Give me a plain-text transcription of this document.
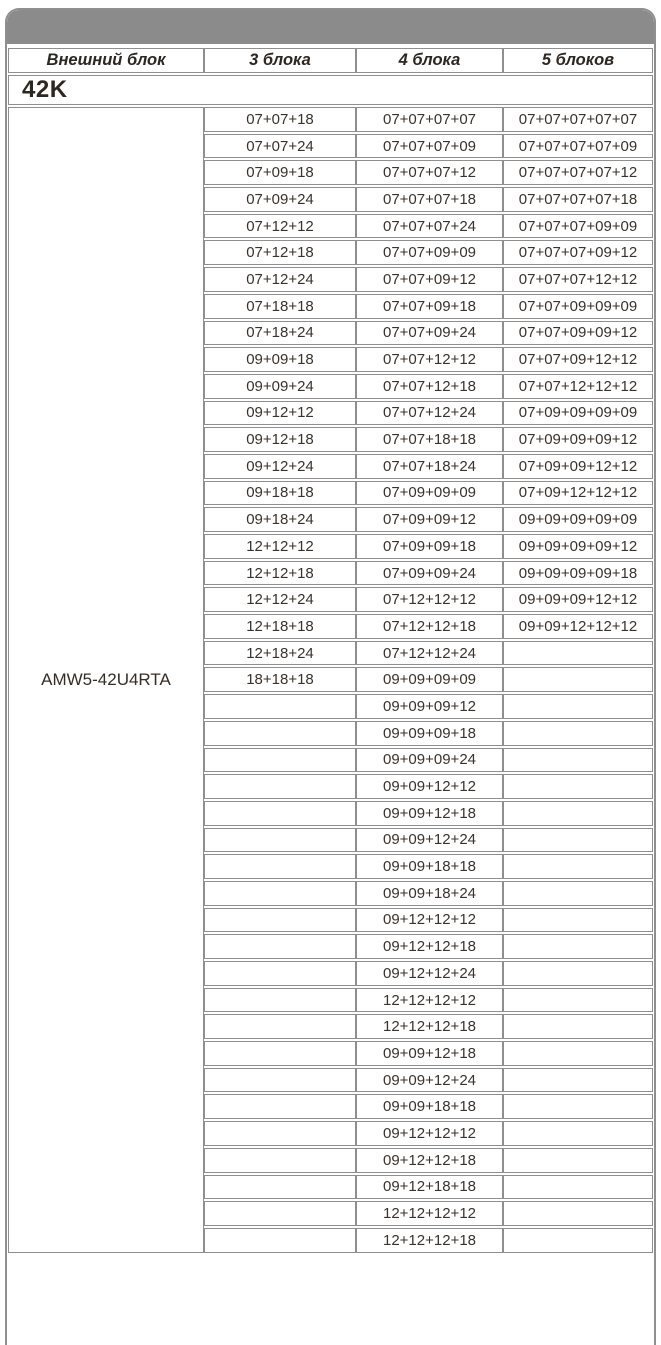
Внешний блок	3 блока	4 блока	5 блоков
42K			
AMW5-42U4RTA	07+07+18	07+07+07+07	07+07+07+07+07
	07+07+24	07+07+07+09	07+07+07+07+09
	07+09+18	07+07+07+12	07+07+07+07+12
	07+09+24	07+07+07+18	07+07+07+07+18
	07+12+12	07+07+07+24	07+07+07+09+09
	07+12+18	07+07+09+09	07+07+07+09+12
	07+12+24	07+07+09+12	07+07+07+12+12
	07+18+18	07+07+09+18	07+07+09+09+09
	07+18+24	07+07+09+24	07+07+09+09+12
	09+09+18	07+07+12+12	07+07+09+12+12
	09+09+24	07+07+12+18	07+07+12+12+12
	09+12+12	07+07+12+24	07+09+09+09+09
	09+12+18	07+07+18+18	07+09+09+09+12
	09+12+24	07+07+18+24	07+09+09+12+12
	09+18+18	07+09+09+09	07+09+12+12+12
	09+18+24	07+09+09+12	09+09+09+09+09
	12+12+12	07+09+09+18	09+09+09+09+12
	12+12+18	07+09+09+24	09+09+09+09+18
	12+12+24	07+12+12+12	09+09+09+12+12
	12+18+18	07+12+12+18	09+09+12+12+12
	12+18+24	07+12+12+24	
	18+18+18	09+09+09+09	
		09+09+09+12	
		09+09+09+18	
		09+09+09+24	
		09+09+12+12	
		09+09+12+18	
		09+09+12+24	
		09+09+18+18	
		09+09+18+24	
		09+12+12+12	
		09+12+12+18	
		09+12+12+24	
		12+12+12+12	
		12+12+12+18	
		09+09+12+18	
		09+09+12+24	
		09+09+18+18	
		09+12+12+12	
		09+12+12+18	
		09+12+18+18	
		12+12+12+12	
		12+12+12+18	
